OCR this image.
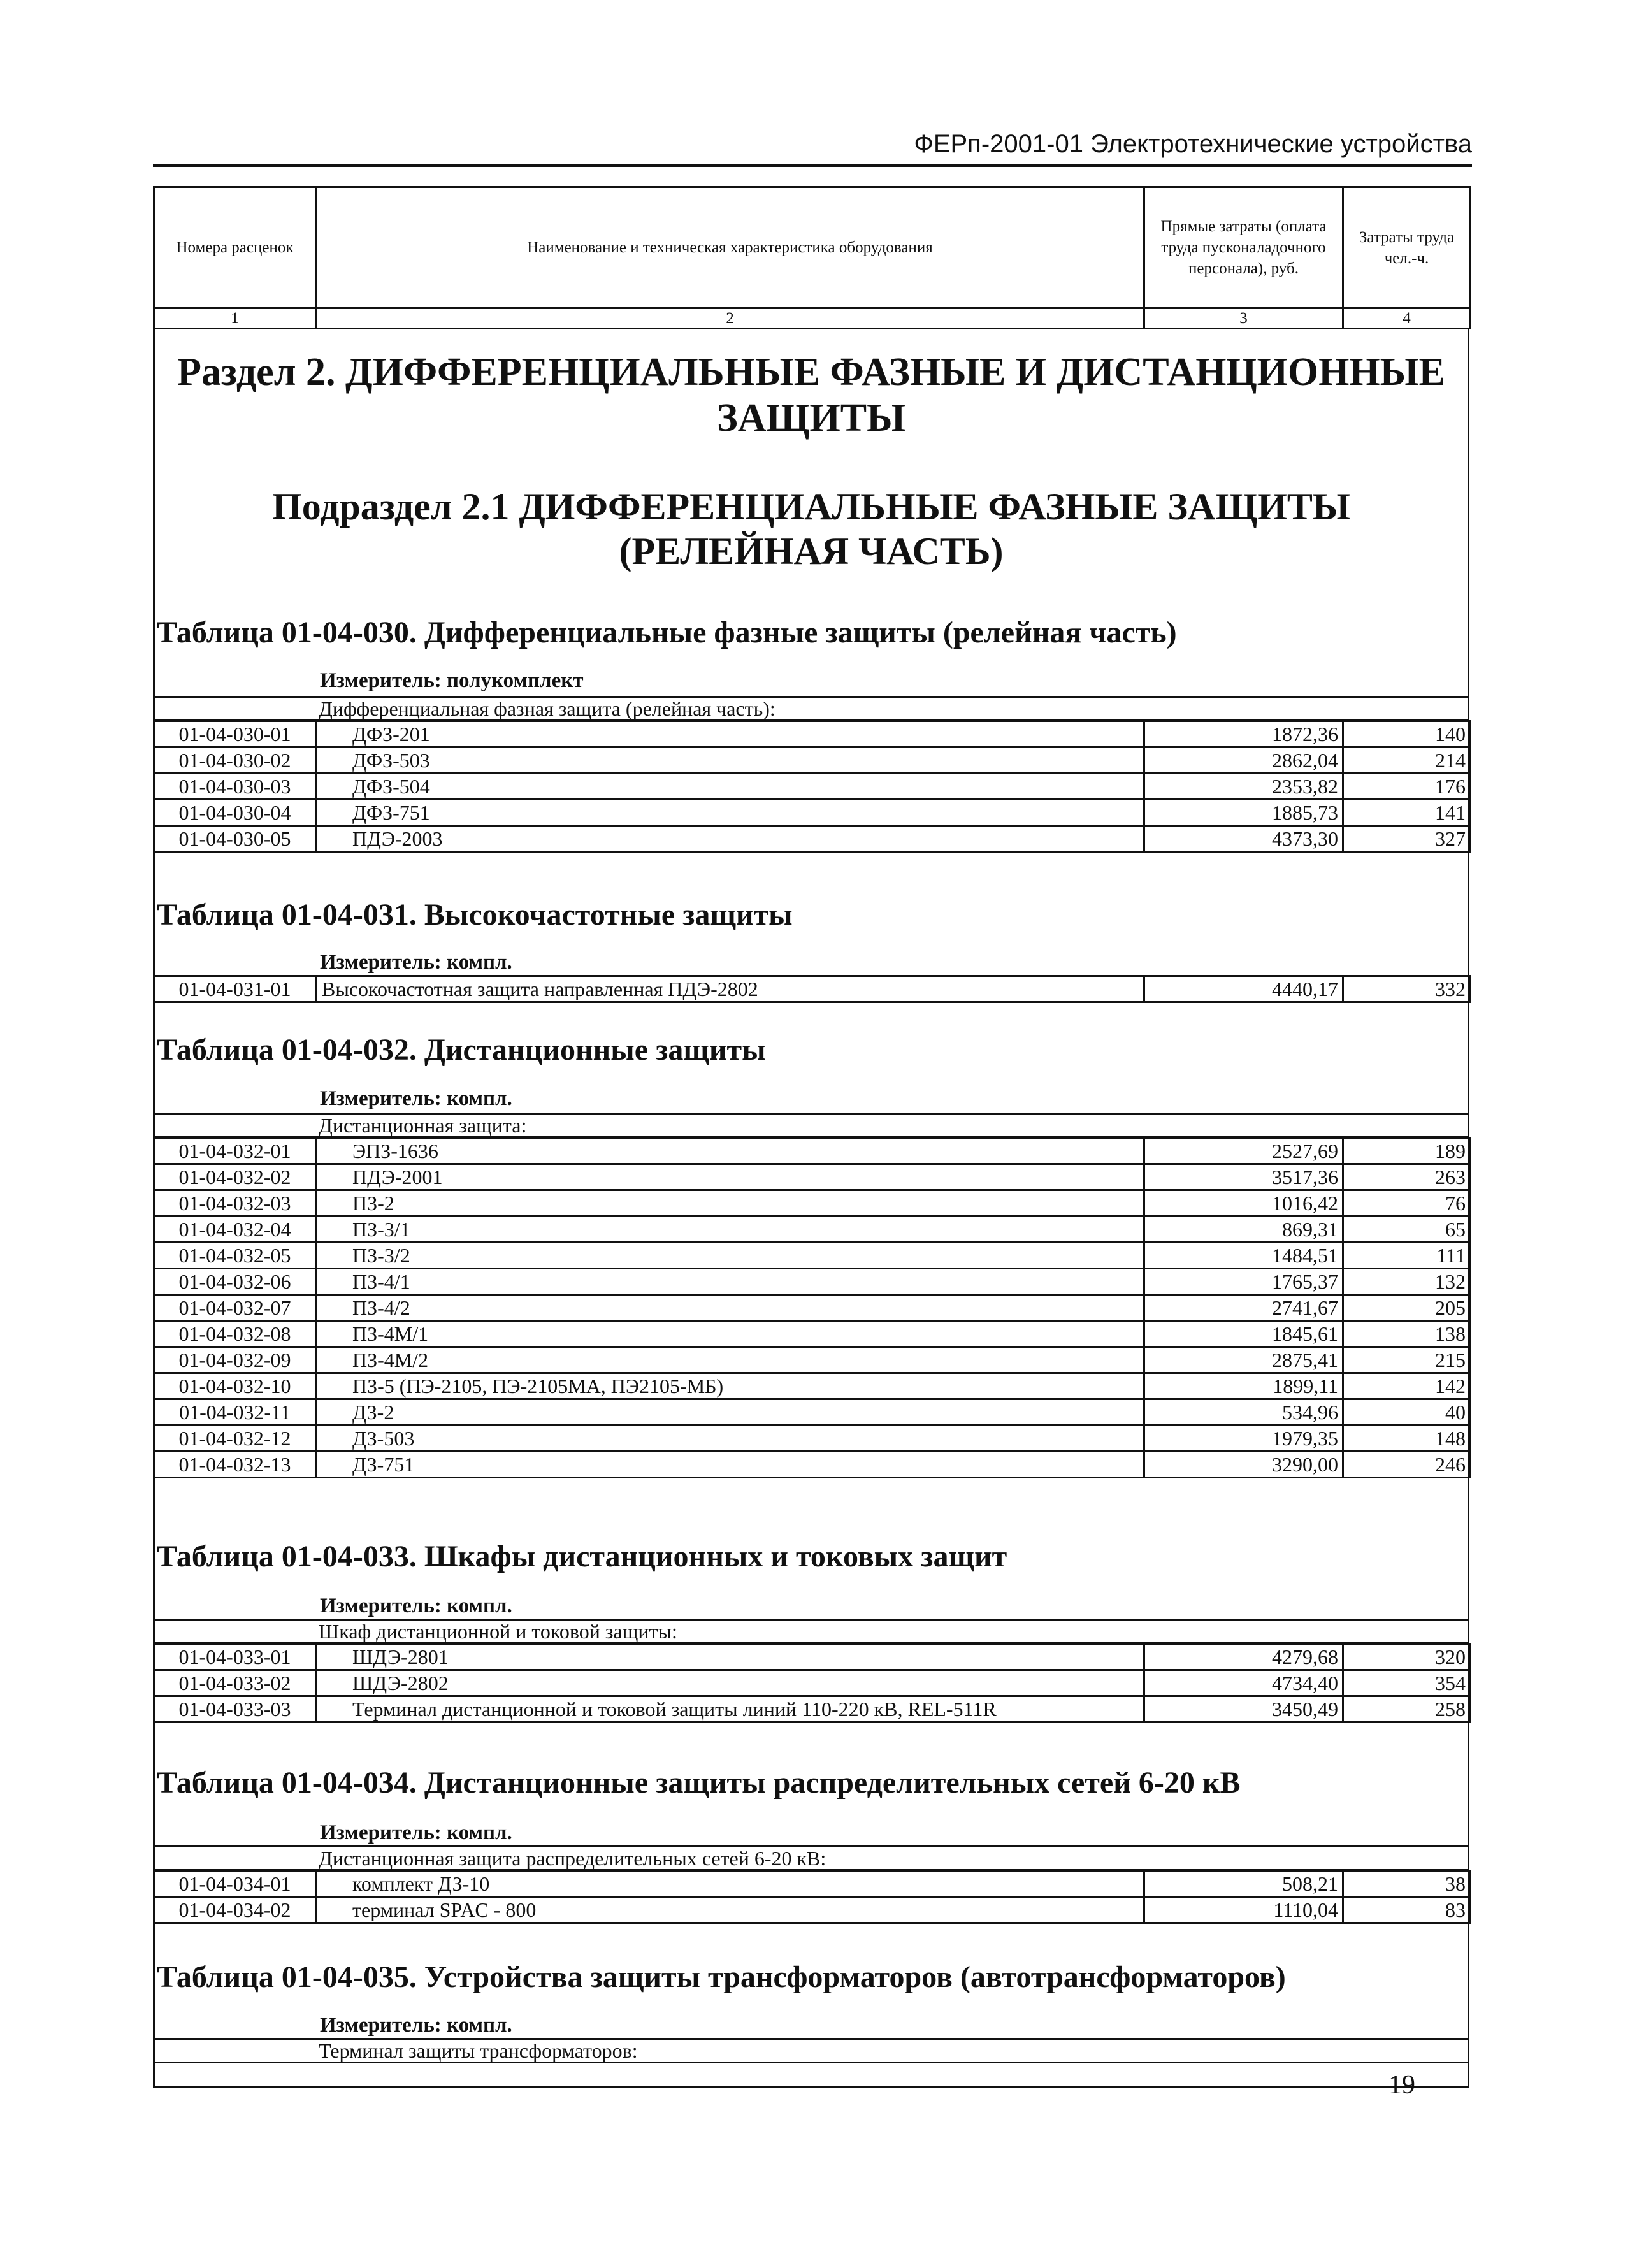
ФЕРп-2001-01 Электротехнические устройства
Номера расценок	Наименование и техническая характеристика оборудования	Прямые затраты (оплата труда пусконаладочного персонала), руб.	Затраты труда чел.-ч.
1	2	3	4
Раздел 2. ДИФФЕРЕНЦИАЛЬНЫЕ ФАЗНЫЕ И ДИСТАНЦИОННЫЕ ЗАЩИТЫ
Подраздел 2.1 ДИФФЕРЕНЦИАЛЬНЫЕ ФАЗНЫЕ ЗАЩИТЫ (РЕЛЕЙНАЯ ЧАСТЬ)
Таблица 01-04-030. Дифференциальные фазные защиты (релейная часть)
Измеритель: полукомплект
Дифференциальная фазная защита (релейная часть):
01-04-030-01	ДФЗ-201	1872,36	140
01-04-030-02	ДФЗ-503	2862,04	214
01-04-030-03	ДФЗ-504	2353,82	176
01-04-030-04	ДФЗ-751	1885,73	141
01-04-030-05	ПДЭ-2003	4373,30	327
Таблица 01-04-031. Высокочастотные защиты
Измеритель: компл.
01-04-031-01	Высокочастотная защита направленная ПДЭ-2802	4440,17	332
Таблица 01-04-032. Дистанционные защиты
Измеритель: компл.
Дистанционная защита:
01-04-032-01	ЭПЗ-1636	2527,69	189
01-04-032-02	ПДЭ-2001	3517,36	263
01-04-032-03	ПЗ-2	1016,42	76
01-04-032-04	ПЗ-3/1	869,31	65
01-04-032-05	ПЗ-3/2	1484,51	111
01-04-032-06	ПЗ-4/1	1765,37	132
01-04-032-07	ПЗ-4/2	2741,67	205
01-04-032-08	ПЗ-4М/1	1845,61	138
01-04-032-09	ПЗ-4М/2	2875,41	215
01-04-032-10	ПЗ-5 (ПЭ-2105, ПЭ-2105МА, ПЭ2105-МБ)	1899,11	142
01-04-032-11	ДЗ-2	534,96	40
01-04-032-12	ДЗ-503	1979,35	148
01-04-032-13	ДЗ-751	3290,00	246
Таблица 01-04-033. Шкафы дистанционных и токовых защит
Измеритель: компл.
Шкаф дистанционной и токовой защиты:
01-04-033-01	ШДЭ-2801	4279,68	320
01-04-033-02	ШДЭ-2802	4734,40	354
01-04-033-03	Терминал дистанционной и токовой защиты линий 110-220 кВ, REL-511R	3450,49	258
Таблица 01-04-034. Дистанционные защиты распределительных сетей 6-20 кВ
Измеритель: компл.
Дистанционная защита распределительных сетей 6-20 кВ:
01-04-034-01	комплект ДЗ-10	508,21	38
01-04-034-02	терминал SPAC - 800	1110,04	83
Таблица 01-04-035. Устройства защиты трансформаторов (автотрансформаторов)
Измеритель: компл.
Терминал защиты трансформаторов:
19
